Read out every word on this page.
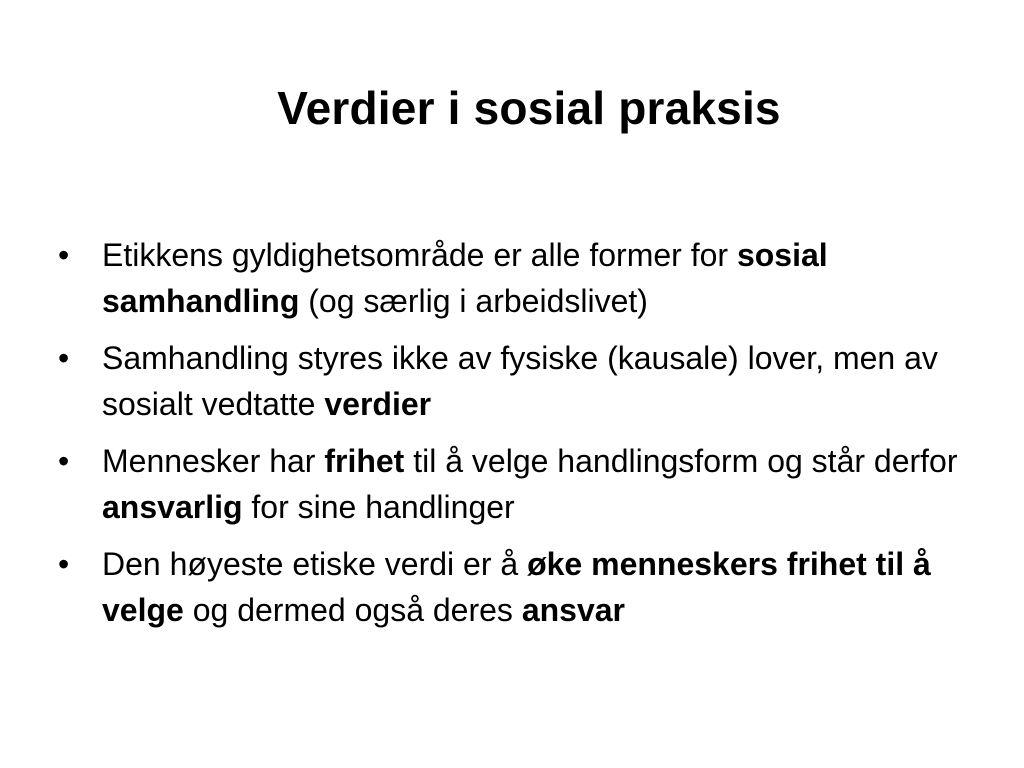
Verdier i sosial praksis
•	Etikkens gyldighetsområde er alle former for sosial samhandling (og særlig i arbeidslivet)
•	Samhandling styres ikke av fysiske (kausale) lover, men av sosialt vedtatte verdier
•	Mennesker har frihet til å velge handlingsform og står derfor ansvarlig for sine handlinger
•	Den høyeste etiske verdi er å øke menneskers frihet til å velge og dermed også deres ansvar
